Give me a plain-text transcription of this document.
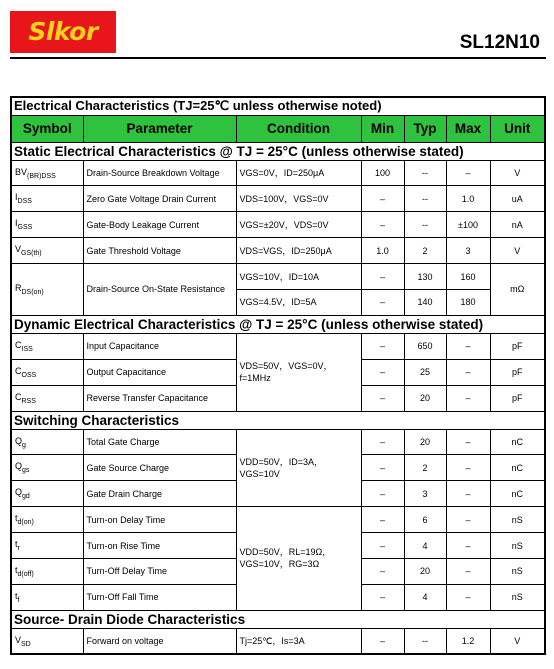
Slkor	SL12N10
Electrical Characteristics (TJ=25℃ unless otherwise noted)						
Symbol	Parameter	Condition	Min	Typ	Max	Unit
Static Electrical Characteristics @ TJ = 25°C (unless otherwise stated)						
$BV_{(BR)DSS}$	Drain-Source Breakdown Voltage	VGS=0V，ID=250μA	100	--	–	V
$I_{DSS}$	Zero Gate Voltage Drain Current	VDS=100V，VGS=0V	–	--	1.0	uA
$I_{GSS}$	Gate-Body Leakage Current	VGS=±20V，VDS=0V	–	--	±100	nA
$V_{GS(th)}$	Gate Threshold Voltage	VDS=VGS，ID=250μA	1.0	2	3	V
$R_{DS(on)}$	Drain-Source On-State Resistance	VGS=10V，ID=10A	–	130	160	mΩ
		VGS=4.5V，ID=5A	–	140	180	
Dynamic Electrical Characteristics @ TJ = 25°C (unless otherwise stated)						
$C_{ISS}$	Input Capacitance	VDS=50V，VGS=0V，f=1MHz	–	650	–	pF
$C_{OSS}$	Output Capacitance		–	25	–	pF
$C_{RSS}$	Reverse Transfer Capacitance		–	20	–	pF
Switching Characteristics						
$Q_g$	Total Gate Charge	VDD=50V，ID=3A，VGS=10V	–	20	–	nC
$Q_{gs}$	Gate Source Charge		–	2	–	nC
$Q_{gd}$	Gate Drain Charge		–	3	–	nC
$t_{d(on)}$	Turn-on Delay Time	VDD=50V，RL=19Ω，VGS=10V，RG=3Ω	–	6	–	nS
$t_r$	Turn-on Rise Time		–	4	–	nS
$t_{d(off)}$	Turn-Off Delay Time		–	20	–	nS
$t_f$	Turn-Off Fall Time		–	4	–	nS
Source- Drain Diode Characteristics						
$V_{SD}$	Forward on voltage	Tj=25℃，Is=3A	–	--	1.2	V
